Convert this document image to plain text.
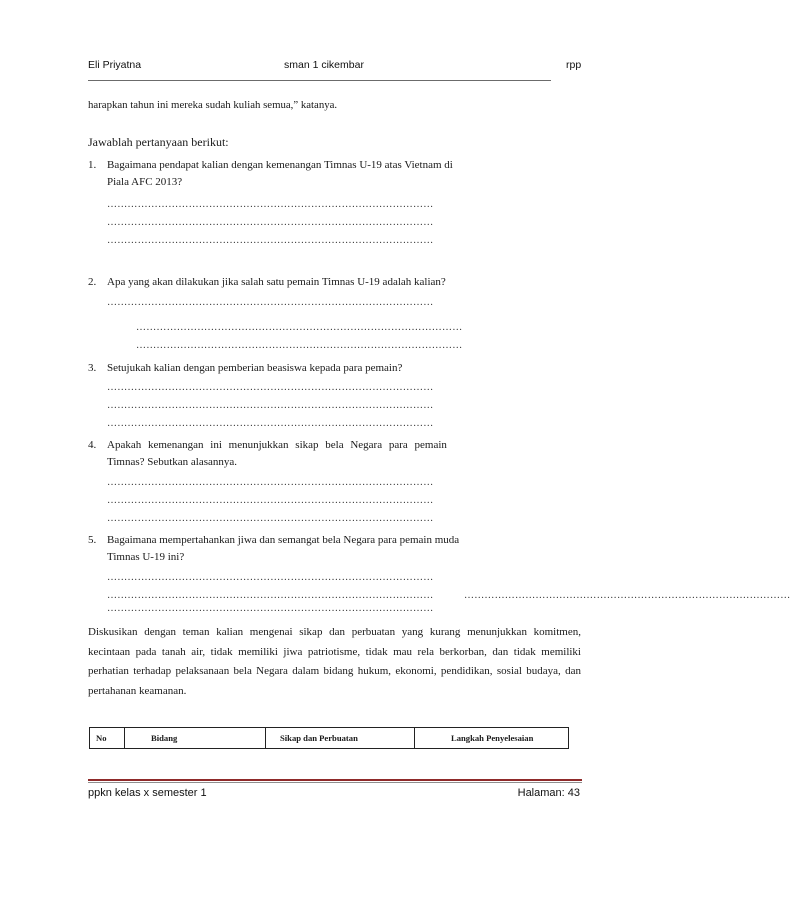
Eli Priyatna	sman 1 cikembar	rpp
harapkan tahun ini mereka sudah kuliah semua,” katanya.
Jawablah pertanyaan berikut:
1. Bagaimana pendapat kalian dengan kemenangan Timnas U-19 atas Vietnam di
Piala AFC 2013?
……………………………………………………………………………………
……………………………………………………………………………………
……………………………………………………………………………………
2. Apa yang akan dilakukan jika salah satu pemain Timnas U-19 adalah kalian?
……………………………………………………………………………………
……………………………………………………………………………………
……………………………………………………………………………………
3. Setujukah kalian dengan pemberian beasiswa kepada para pemain?
……………………………………………………………………………………
……………………………………………………………………………………
……………………………………………………………………………………
4. Apakah kemenangan ini menunjukkan sikap bela Negara para pemain
Timnas? Sebutkan alasannya.
……………………………………………………………………………………
……………………………………………………………………………………
……………………………………………………………………………………
5. Bagaimana mempertahankan jiwa dan semangat bela Negara para pemain muda
Timnas U-19 ini?
……………………………………………………………………………………
……………………………………………………………………………………	……………………………………………………………………………………
……………………………………………………………………………………
Diskusikan dengan teman kalian mengenai sikap dan perbuatan yang kurang menunjukkan komitmen, kecintaan pada tanah air, tidak memiliki jiwa patriotisme, tidak mau rela berkorban, dan tidak memiliki perhatian terhadap pelaksanaan bela Negara dalam bidang hukum, ekonomi, pendidikan, sosial budaya, dan pertahanan keamanan.
No	Bidang	Sikap dan Perbuatan	Langkah Penyelesaian
ppkn kelas x semester 1	Halaman: 43
